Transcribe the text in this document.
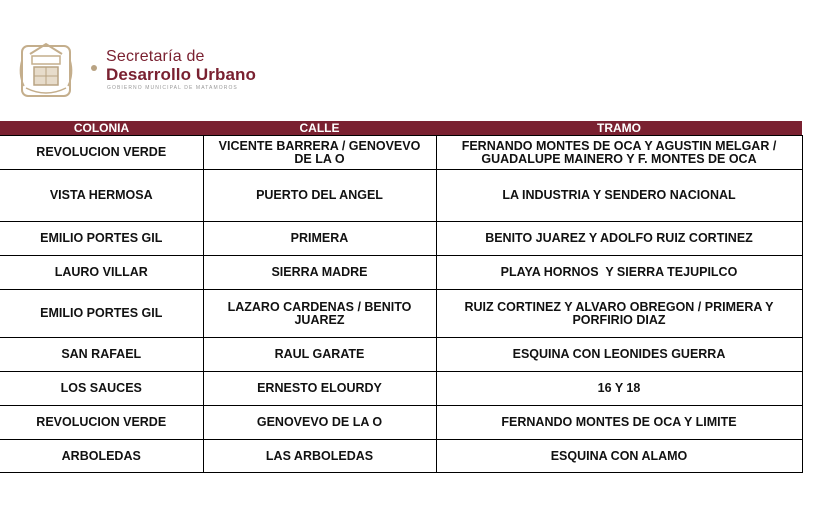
Secretaría de
Desarrollo Urbano
GOBIERNO MUNICIPAL DE MATAMOROS
COLONIA	CALLE	TRAMO
REVOLUCION VERDE	VICENTE BARRERA / GENOVEVO DE LA O	FERNANDO MONTES DE OCA Y AGUSTIN MELGAR / GUADALUPE MAINERO Y F. MONTES DE OCA

VISTA HERMOSA	PUERTO DEL ANGEL	LA INDUSTRIA Y SENDERO NACIONAL
EMILIO PORTES GIL	PRIMERA	BENITO JUAREZ Y ADOLFO RUIZ CORTINEZ
LAURO VILLAR	SIERRA MADRE	PLAYA HORNOS  Y SIERRA TEJUPILCO
EMILIO PORTES GIL	LAZARO CARDENAS / BENITO JUAREZ	RUIZ CORTINEZ Y ALVARO OBREGON / PRIMERA Y PORFIRIO DIAZ
SAN RAFAEL	RAUL GARATE	ESQUINA CON LEONIDES GUERRA
LOS SAUCES	ERNESTO ELOURDY	16 Y 18
REVOLUCION VERDE	GENOVEVO DE LA O	FERNANDO MONTES DE OCA Y LIMITE
ARBOLEDAS	LAS ARBOLEDAS	ESQUINA CON ALAMO
